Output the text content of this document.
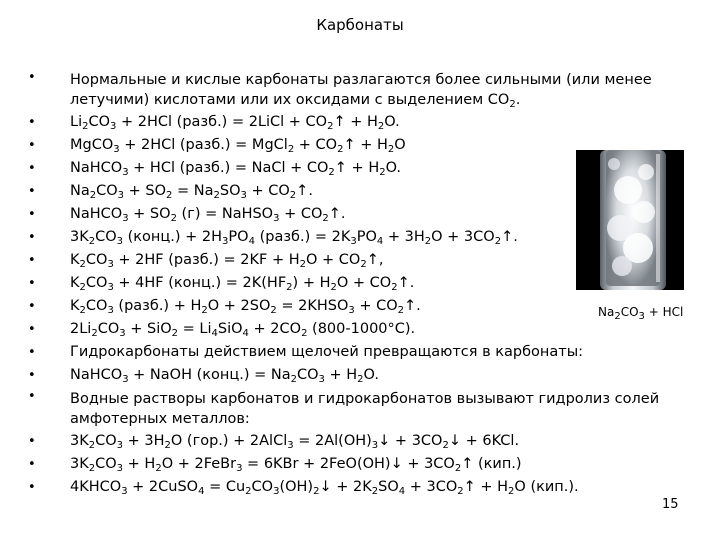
Карбонаты
• Нормальные и кислые карбонаты разлагаются более сильными (или менее летучими) кислотами или их оксидами с выделением $CO_2$.
• $Li_2CO_3 + 2HCl$ (разб.) = 2LiCl + $CO_2↑ + H_2O$.
• MgCO$_3$ + 2HCl (разб.) = MgCl$_2$ + $CO_2↑ + H_2O$
• NaHCO$_3$ + HCl (разб.) = NaCl + $CO_2↑ + H_2O$.
• $Na_2CO_3 + SO_2 = Na_2SO_3$ + $CO_2↑$.
• NaHCO$_3$ + $SO_2$ (г) = NaHSO$_3$ + $CO_2↑$.
• $3K_2CO_3$ (конц.) + $2H_3PO_4$ (разб.) = $2K_3PO_4 + 3H_2O$ + $3CO_2↑$.
• $K_2CO_3 + 2HF$ (разб.) = $2KF + H_2O$ + $CO_2↑$,
• $K_2CO_3 + 4HF$ (конц.) = $2K(HF_2) + H_2O$ + $CO_2↑$.
• $K_2CO_3$ (разб.) + $H_2O + 2SO_2$ = $2KHSO_3$ + $CO_2↑$.
• $2Li_2CO_3 + SiO_2 = Li_4SiO_4 + 2CO_2$ (800-1000°C).
• Гидрокарбонаты действием щелочей превращаются в карбонаты:
• NaHCO$_3$ + NaOH (конц.) = $Na_2CO_3 + H_2O$.
• Водные растворы карбонатов и гидрокарбонатов вызывают гидролиз солей амфотерных металлов:
• $3K_2CO_3 + 3H_2O$ (гор.) + 2AlCl$_3$ = $2Al(OH)_3↓$ + $3CO_2↓ + 6KCl$.
• $3K_2CO_3 + H_2O$ + 2FeBr$_3$ = 6KBr + 2FeO(OH)↓ + $3CO_2↑$ (кип.)
• $4KHCO_3$ + 2CuSO$_4$ = $Cu_2CO_3(OH)_2↓ + 2K_2SO_4$ + $3CO_2↑ + H_2O$ (кип.).
$Na_2CO_3$ + HCl
15
